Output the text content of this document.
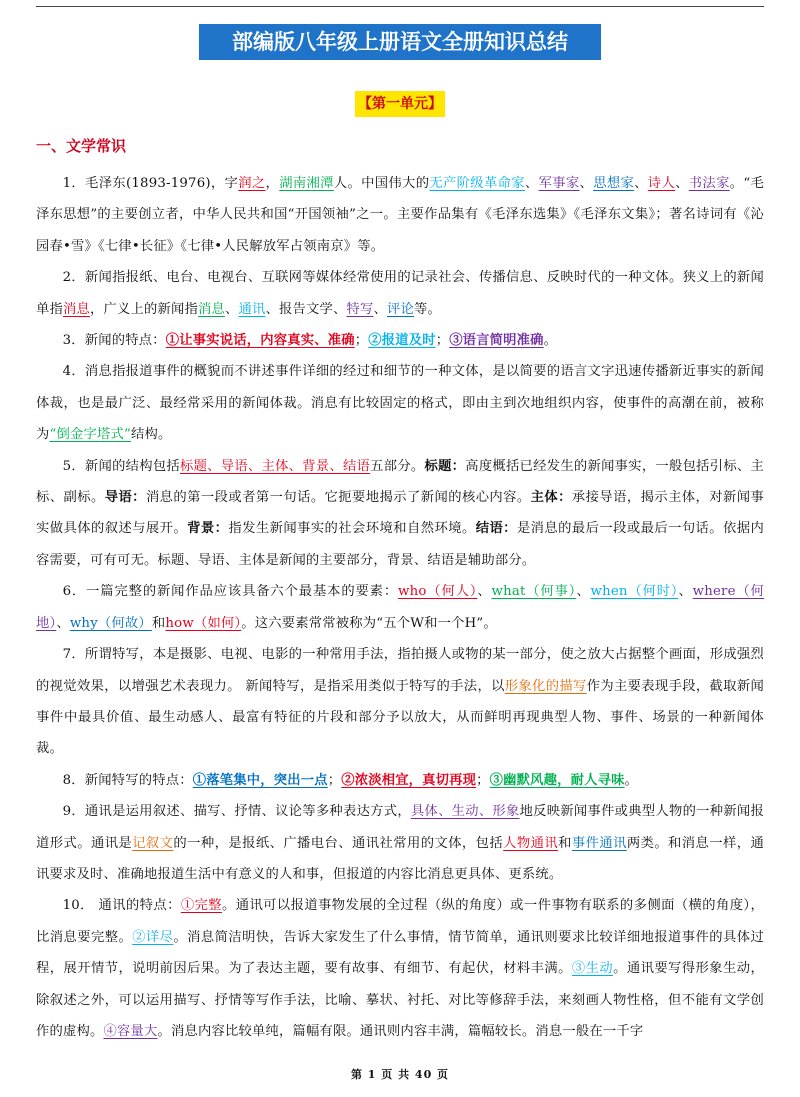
部编版八年级上册语文全册知识总结
【第一单元】
一、文学常识

1．毛泽东(1893-1976)，字润之，湖南湘潭人。中国伟大的无产阶级革命家、军事家、思想家、诗人、书法家。“毛泽东思想”的主要创立者，中华人民共和国“开国领袖”之一。主要作品集有《毛泽东选集》《毛泽东文集》；著名诗词有《沁园春•雪》《七律•长征》《七律•人民解放军占领南京》等。

2．新闻指报纸、电台、电视台、互联网等媒体经常使用的记录社会、传播信息、反映时代的一种文体。狭义上的新闻单指消息，广义上的新闻指消息、通讯、报告文学、特写、评论等。

3．新闻的特点：①让事实说话，内容真实、准确；②报道及时；③语言简明准确。

4．消息指报道事件的概貌而不讲述事件详细的经过和细节的一种文体，是以简要的语言文字迅速传播新近事实的新闻体裁，也是最广泛、最经常采用的新闻体裁。消息有比较固定的格式，即由主到次地组织内容，使事件的高潮在前，被称为“倒金字塔式”结构。

5．新闻的结构包括标题、导语、主体、背景、结语五部分。标题：高度概括已经发生的新闻事实，一般包括引标、主标、副标。导语：消息的第一段或者第一句话。它扼要地揭示了新闻的核心内容。主体：承接导语，揭示主体，对新闻事实做具体的叙述与展开。背景：指发生新闻事实的社会环境和自然环境。结语：是消息的最后一段或最后一句话。依据内容需要，可有可无。标题、导语、主体是新闻的主要部分，背景、结语是辅助部分。

6．一篇完整的新闻作品应该具备六个最基本的要素：who（何人）、what（何事）、when（何时）、where（何地）、why（何故）和how（如何）。这六要素常常被称为“五个W和一个H”。

7．所谓特写，本是摄影、电视、电影的一种常用手法，指拍摄人或物的某一部分，使之放大占据整个画面，形成强烈的视觉效果，以增强艺术表现力。 新闻特写，是指采用类似于特写的手法，以形象化的描写作为主要表现手段，截取新闻事件中最具价值、最生动感人、最富有特征的片段和部分予以放大，从而鲜明再现典型人物、事件、场景的一种新闻体裁。

8．新闻特写的特点：①落笔集中，突出一点；②浓淡相宜，真切再现；③幽默风趣，耐人寻味。

9．通讯是运用叙述、描写、抒情、议论等多种表达方式，具体、生动、形象地反映新闻事件或典型人物的一种新闻报道形式。通讯是记叙文的一种，是报纸、广播电台、通讯社常用的文体，包括人物通讯和事件通讯两类。和消息一样，通讯要求及时、准确地报道生活中有意义的人和事，但报道的内容比消息更具体、更系统。

10． 通讯的特点：①完整。通讯可以报道事物发展的全过程（纵的角度）或一件事物有联系的多侧面（横的角度），比消息要完整。②详尽。消息简洁明快，告诉大家发生了什么事情，情节简单，通讯则要求比较详细地报道事件的具体过程，展开情节，说明前因后果。为了表达主题，要有故事、有细节、有起伏，材料丰满。③生动。通讯要写得形象生动，除叙述之外，可以运用描写、抒情等写作手法，比喻、摹状、衬托、对比等修辞手法，来刻画人物性格，但不能有文学创作的虚构。④容量大。消息内容比较单纯，篇幅有限。通讯则内容丰满，篇幅较长。消息一般在一千字

第 1 页 共 40 页
